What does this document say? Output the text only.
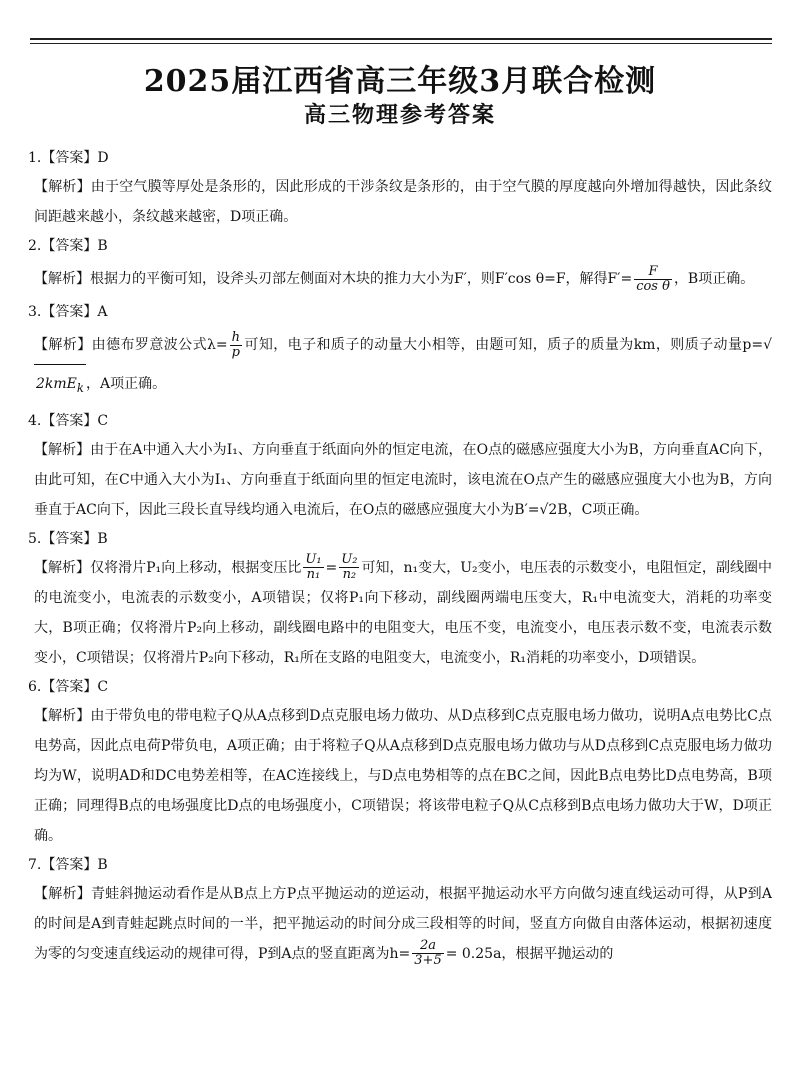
2025届江西省高三年级3月联合检测
高三物理参考答案
1.【答案】D

【解析】由于空气膜等厚处是条形的，因此形成的干涉条纹是条形的，由于空气膜的厚度越向外增加得越快，因此条纹间距越来越小，条纹越来越密，D项正确。

2.【答案】B

【解析】根据力的平衡可知，设斧头刃部左侧面对木块的推力大小为F′，则F′cos θ=F，解得$F'= \frac{F}{\text{cos θ}}$ ，B项正确。

3.【答案】A

【解析】由德布罗意波公式$\lambda= \frac{h}{p}$ 可知，电子和质子的动量大小相等，由题可知，质子的质量为km，则质子动量p=√2kmE$_k$ ，A项正确。

4.【答案】C

【解析】由于在A中通入大小为I₁、方向垂直于纸面向外的恒定电流，在O点的磁感应强度大小为B，方向垂直AC向下，由此可知，在C中通入大小为I₁、方向垂直于纸面向里的恒定电流时，该电流在O点产生的磁感应强度大小也为B，方向垂直于AC向下，因此三段长直导线均通入电流后，在O点的磁感应强度大小为B′=√2B，C项正确。

5.【答案】B

【解析】仅将滑片P₁向上移动，根据变压比 $\frac{\text{U₁}}{\text{n₁}} = \frac{\text{U₂}}{\text{n₂}}$ 可知，n₁变大，U₂变小，电压表的示数变小，电阻恒定，副线圈中的电流变小，电流表的示数变小，A项错误；仅将P₁向下移动，副线圈两端电压变大，R₁中电流变大，消耗的功率变大，B项正确；仅将滑片P₂向上移动，副线圈电路中的电阻变大，电压不变，电流变小，电压表示数不变，电流表示数变小，C项错误；仅将滑片P₂向下移动，R₁所在支路的电阻变大，电流变小，R₁消耗的功率变小，D项错误。

6.【答案】C

【解析】由于带负电的带电粒子Q从A点移到D点克服电场力做功、从D点移到C点克服电场力做功，说明A点电势比C点电势高，因此点电荷P带负电，A项正确；由于将粒子Q从A点移到D点克服电场力做功与从D点移到C点克服电场力做功均为W，说明AD和DC电势差相等，在AC连接线上，与D点电势相等的点在BC之间，因此B点电势比D点电势高，B项正确；同理得B点的电场强度比D点的电场强度小，C项错误；将该带电粒子Q从C点移到B点电场力做功大于W，D项正确。

7.【答案】B

【解析】青蛙斜抛运动看作是从B点上方P点平抛运动的逆运动，根据平抛运动水平方向做匀速直线运动可得，从P到A的时间是A到青蛙起跳点时间的一半，把平抛运动的时间分成三段相等的时间，竖直方向做自由落体运动，根据初速度为零的匀变速直线运动的规律可得，P到A点的竖直距离为$h= \frac{2a}{3+5} = 0.25a$，根据平抛运动的
